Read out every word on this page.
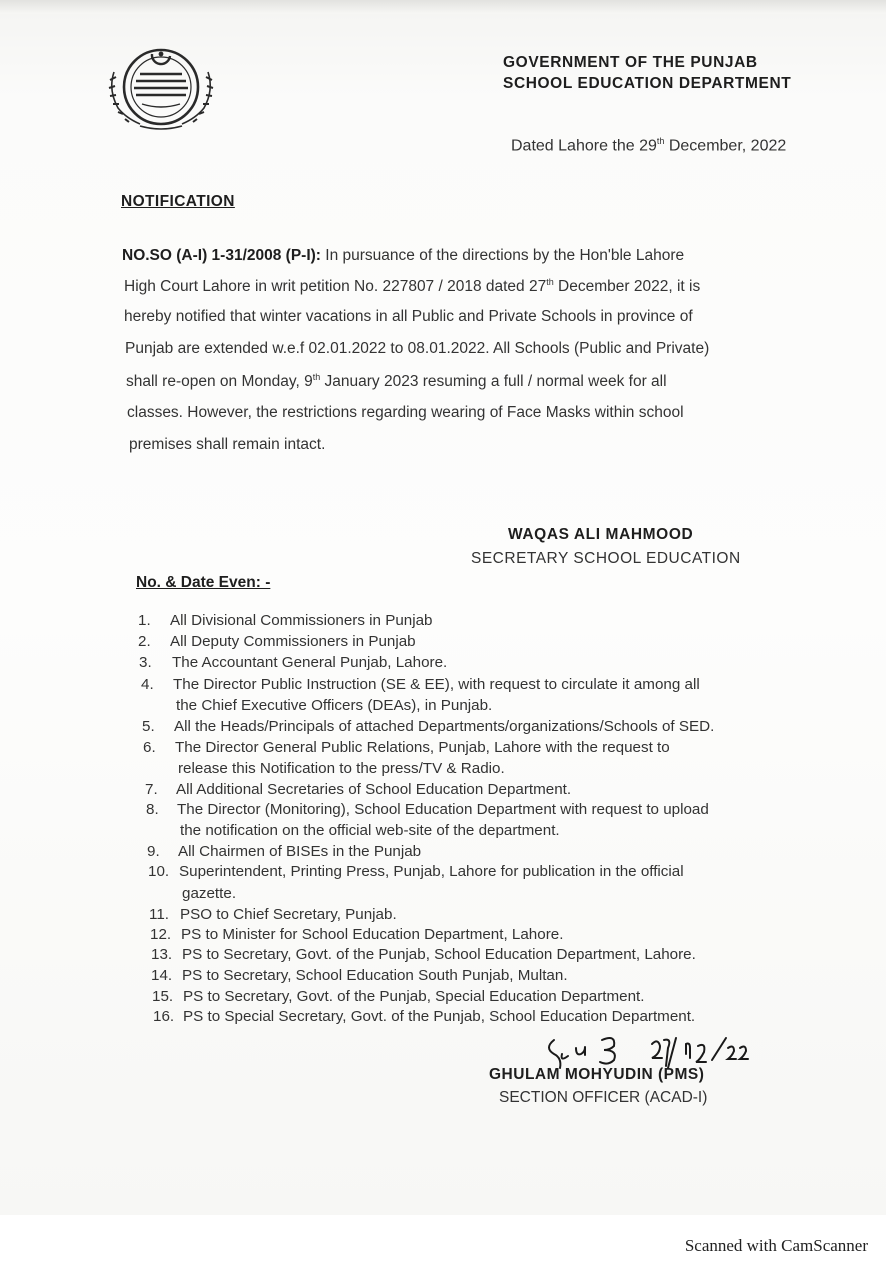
GOVERNMENT OF THE PUNJAB
SCHOOL EDUCATION DEPARTMENT
Dated Lahore the 29th December, 2022
NOTIFICATION
NO.SO (A-I) 1-31/2008 (P-I): In pursuance of the directions by the Hon'ble Lahore
High Court Lahore in writ petition No. 227807 / 2018 dated 27th December 2022, it is
hereby notified that winter vacations in all Public and Private Schools in province of
Punjab are extended w.e.f 02.01.2022 to 08.01.2022. All Schools (Public and Private)
shall re-open on Monday, 9th January 2023 resuming a full / normal week for all
classes. However, the restrictions regarding wearing of Face Masks within school
premises shall remain intact.
WAQAS ALI MAHMOOD
SECRETARY SCHOOL EDUCATION
No. & Date Even: -
GHULAM MOHYUDIN (PMS)
SECTION OFFICER (ACAD-I)
1. All Divisional Commissioners in Punjab
2. All Deputy Commissioners in Punjab
3. The Accountant General Punjab, Lahore.
4. The Director Public Instruction (SE & EE), with request to circulate it among all
the Chief Executive Officers (DEAs), in Punjab.
5. All the Heads/Principals of attached Departments/organizations/Schools of SED.
6. The Director General Public Relations, Punjab, Lahore with the request to
release this Notification to the press/TV & Radio.
7. All Additional Secretaries of School Education Department.
8. The Director (Monitoring), School Education Department with request to upload
the notification on the official web-site of the department.
9. All Chairmen of BISEs in the Punjab
10. Superintendent, Printing Press, Punjab, Lahore for publication in the official
gazette.
11. PSO to Chief Secretary, Punjab.
12. PS to Minister for School Education Department, Lahore.
13. PS to Secretary, Govt. of the Punjab, School Education Department, Lahore.
14. PS to Secretary, School Education South Punjab, Multan.
15. PS to Secretary, Govt. of the Punjab, Special Education Department.
16. PS to Special Secretary, Govt. of the Punjab, School Education Department.
Scanned with CamScanner
